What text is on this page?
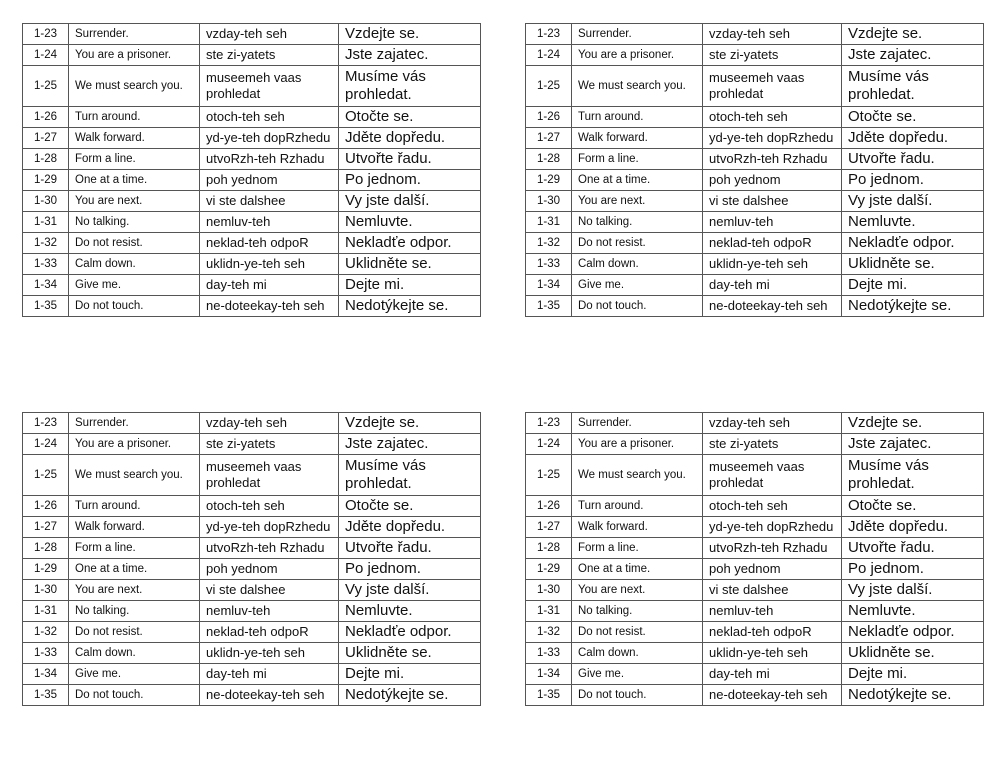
1-23	Surrender.	vzday-teh seh	Vzdejte se.
1-24	You are a prisoner.	ste zi-yatets	Jste zajatec.
1-25	We must search you.	museemeh vaas prohledat	Musíme vás prohledat.
1-26	Turn around.	otoch-teh seh	Otočte se.
1-27	Walk forward.	yd-ye-teh dopRzhedu	Jděte dopředu.
1-28	Form a line.	utvoRzh-teh Rzhadu	Utvořte řadu.
1-29	One at a time.	poh yednom	Po jednom.
1-30	You are next.	vi ste dalshee	Vy jste další.
1-31	No talking.	nemluv-teh	Nemluvte.
1-32	Do not resist.	neklad-teh odpoR	Nekladťe odpor.
1-33	Calm down.	uklidn-ye-teh seh	Uklidněte se.
1-34	Give me.	day-teh mi	Dejte mi.
1-35	Do not touch.	ne-doteekay-teh seh	Nedotýkejte se.
1-23	Surrender.	vzday-teh seh	Vzdejte se.
1-24	You are a prisoner.	ste zi-yatets	Jste zajatec.
1-25	We must search you.	museemeh vaas prohledat	Musíme vás prohledat.
1-26	Turn around.	otoch-teh seh	Otočte se.
1-27	Walk forward.	yd-ye-teh dopRzhedu	Jděte dopředu.
1-28	Form a line.	utvoRzh-teh Rzhadu	Utvořte řadu.
1-29	One at a time.	poh yednom	Po jednom.
1-30	You are next.	vi ste dalshee	Vy jste další.
1-31	No talking.	nemluv-teh	Nemluvte.
1-32	Do not resist.	neklad-teh odpoR	Nekladťe odpor.
1-33	Calm down.	uklidn-ye-teh seh	Uklidněte se.
1-34	Give me.	day-teh mi	Dejte mi.
1-35	Do not touch.	ne-doteekay-teh seh	Nedotýkejte se.
1-23	Surrender.	vzday-teh seh	Vzdejte se.
1-24	You are a prisoner.	ste zi-yatets	Jste zajatec.
1-25	We must search you.	museemeh vaas prohledat	Musíme vás prohledat.
1-26	Turn around.	otoch-teh seh	Otočte se.
1-27	Walk forward.	yd-ye-teh dopRzhedu	Jděte dopředu.
1-28	Form a line.	utvoRzh-teh Rzhadu	Utvořte řadu.
1-29	One at a time.	poh yednom	Po jednom.
1-30	You are next.	vi ste dalshee	Vy jste další.
1-31	No talking.	nemluv-teh	Nemluvte.
1-32	Do not resist.	neklad-teh odpoR	Nekladťe odpor.
1-33	Calm down.	uklidn-ye-teh seh	Uklidněte se.
1-34	Give me.	day-teh mi	Dejte mi.
1-35	Do not touch.	ne-doteekay-teh seh	Nedotýkejte se.
1-23	Surrender.	vzday-teh seh	Vzdejte se.
1-24	You are a prisoner.	ste zi-yatets	Jste zajatec.
1-25	We must search you.	museemeh vaas prohledat	Musíme vás prohledat.
1-26	Turn around.	otoch-teh seh	Otočte se.
1-27	Walk forward.	yd-ye-teh dopRzhedu	Jděte dopředu.
1-28	Form a line.	utvoRzh-teh Rzhadu	Utvořte řadu.
1-29	One at a time.	poh yednom	Po jednom.
1-30	You are next.	vi ste dalshee	Vy jste další.
1-31	No talking.	nemluv-teh	Nemluvte.
1-32	Do not resist.	neklad-teh odpoR	Nekladťe odpor.
1-33	Calm down.	uklidn-ye-teh seh	Uklidněte se.
1-34	Give me.	day-teh mi	Dejte mi.
1-35	Do not touch.	ne-doteekay-teh seh	Nedotýkejte se.
